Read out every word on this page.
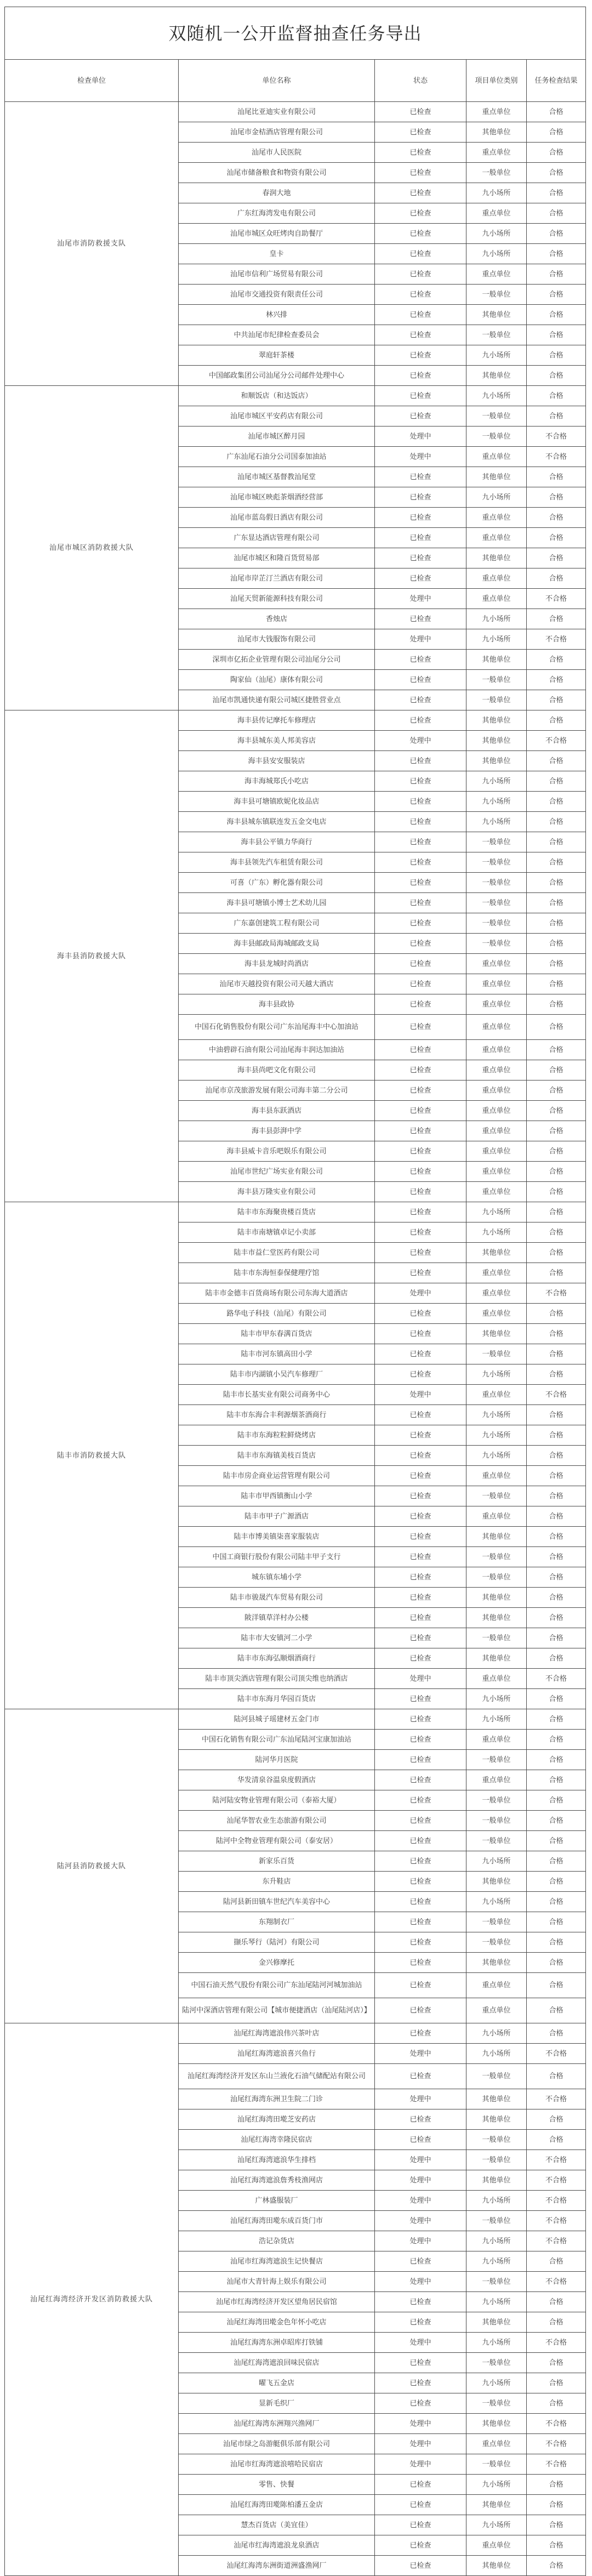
双随机一公开监督抽查任务导出				
检查单位	单位名称	状态	项目单位类别	任务检查结果
汕尾市消防救援支队	汕尾比亚迪实业有限公司	已检查	重点单位	合格
	汕尾市金桔酒店管理有限公司	已检查	其他单位	合格
	汕尾市人民医院	已检查	重点单位	合格
	汕尾市储备粮食和物资有限公司	已检查	一般单位	合格
	春润大地	已检查	九小场所	合格
	广东红海湾发电有限公司	已检查	重点单位	合格
	汕尾市城区众旺烤肉自助餐厅	已检查	九小场所	合格
	皇卡	已检查	九小场所	合格
	汕尾市信利广场贸易有限公司	已检查	重点单位	合格
	汕尾市交通投资有限责任公司	已检查	一般单位	合格
	林兴排	已检查	其他单位	合格
	中共汕尾市纪律检查委员会	已检查	一般单位	合格
	翠庭轩茶楼	已检查	九小场所	合格
	中国邮政集团公司汕尾分公司邮件处理中心	已检查	其他单位	合格
汕尾市城区消防救援大队	和顺饭店（和达饭店）	已检查	九小场所	合格
	汕尾市城区平安药店有限公司	已检查	一般单位	合格
	汕尾市城区醉月园	处理中	一般单位	不合格
	广东汕尾石油分公司国泰加油站	处理中	重点单位	不合格
	汕尾市城区基督教汕尾堂	已检查	其他单位	合格
	汕尾市城区映彪茶烟酒经营部	已检查	九小场所	合格
	汕尾市蓝岛假日酒店有限公司	已检查	重点单位	合格
	广东显达酒店管理有限公司	已检查	重点单位	合格
	汕尾市城区和隆百货贸易部	已检查	其他单位	合格
	汕尾市岸芷汀兰酒店有限公司	已检查	重点单位	合格
	汕尾天贸新能源科技有限公司	处理中	重点单位	不合格
	香烛店	已检查	九小场所	合格
	汕尾市大钱服饰有限公司	处理中	九小场所	不合格
	深圳市亿拓企业管理有限公司汕尾分公司	已检查	其他单位	合格
	陶家仙（汕尾）康体有限公司	已检查	一般单位	合格
	汕尾市凯通快递有限公司城区捷胜营业点	已检查	一般单位	合格
海丰县消防救援大队	海丰县传记摩托车修理店	已检查	其他单位	合格
	海丰县城东美人邦美容店	处理中	其他单位	不合格
	海丰县安安服装店	已检查	其他单位	合格
	海丰海城郑氏小吃店	已检查	九小场所	合格
	海丰县可塘镇欧妮化妆品店	已检查	九小场所	合格
	海丰县城东镇联连发五金交电店	已检查	九小场所	合格
	海丰县公平镇力华商行	已检查	一般单位	合格
	海丰县领先汽车租赁有限公司	已检查	一般单位	合格
	可喜（广东）孵化器有限公司	已检查	一般单位	合格
	海丰县可塘镇小博士艺术幼儿园	已检查	一般单位	合格
	广东嘉创建筑工程有限公司	已检查	一般单位	合格
	海丰县邮政局海城邮政支局	已检查	一般单位	合格
	海丰县龙城时尚酒店	已检查	重点单位	合格
	汕尾市天越投资有限公司天越大酒店	已检查	重点单位	合格
	海丰县政协	已检查	重点单位	合格
	中国石化销售股份有限公司广东汕尾海丰中心加油站	已检查	重点单位	合格
	中油碧辟石油有限公司汕尾海丰润达加油站	已检查	重点单位	合格
	海丰县尚吧文化有限公司	已检查	重点单位	合格
	汕尾市京茂旅游发展有限公司海丰第二分公司	已检查	重点单位	合格
	海丰县东跃酒店	已检查	重点单位	合格
	海丰县彭湃中学	已检查	重点单位	合格
	海丰县威卡音乐吧娱乐有限公司	已检查	重点单位	合格
	汕尾市世纪广场实业有限公司	已检查	重点单位	合格
	海丰县万隆实业有限公司	已检查	重点单位	合格
陆丰市消防救援大队	陆丰市东海聚贵楼百货店	已检查	九小场所	合格
	陆丰市南塘镇卓记小卖部	已检查	九小场所	合格
	陆丰市益仁堂医药有限公司	已检查	其他单位	合格
	陆丰市东海恒泰保健理疗馆	已检查	重点单位	合格
	陆丰市金德丰百货商场有限公司东海大道酒店	处理中	重点单位	不合格
	路华电子科技（汕尾）有限公司	已检查	重点单位	合格
	陆丰市甲东春满百货店	已检查	其他单位	合格
	陆丰市河东镇高田小学	已检查	一般单位	合格
	陆丰市内湖镇小吴汽车修理厂	已检查	九小场所	合格
	陆丰市长基实业有限公司商务中心	处理中	重点单位	不合格
	陆丰市东海合丰利源烟茶酒商行	已检查	九小场所	合格
	陆丰市东海粒粒鲜烧烤店	已检查	九小场所	合格
	陆丰市东海镇美枝百货店	已检查	九小场所	合格
	陆丰市房企商业运营管理有限公司	已检查	重点单位	合格
	陆丰市甲西镇衡山小学	已检查	一般单位	合格
	陆丰市甲子广源酒店	已检查	重点单位	合格
	陆丰市博美镇柒喜家服装店	已检查	其他单位	合格
	中国工商银行股份有限公司陆丰甲子支行	已检查	一般单位	合格
	城东镇东埔小学	已检查	一般单位	合格
	陆丰市骏晟汽车贸易有限公司	已检查	其他单位	合格
	陂洋镇草洋村办公楼	已检查	其他单位	合格
	陆丰市大安镇河二小学	已检查	一般单位	合格
	陆丰市东海弘顺烟酒商行	已检查	其他单位	合格
	陆丰市顶尖酒店管理有限公司顶尖维也纳酒店	处理中	重点单位	不合格
	陆丰市东海月华园百货店	已检查	九小场所	合格
陆河县消防救援大队	陆河县城子瑶建材五金门市	已检查	九小场所	合格
	中国石化销售有限公司广东汕尾陆河宝康加油站	已检查	重点单位	合格
	陆河华月医院	已检查	一般单位	合格
	华发清泉谷温泉度假酒店	已检查	重点单位	合格
	陆河陆安物业管理有限公司（泰裕大厦）	已检查	一般单位	合格
	汕尾华智农业生态旅游有限公司	已检查	一般单位	合格
	陆河中全物业管理有限公司（泰安居）	已检查	一般单位	合格
	新家乐百货	已检查	九小场所	合格
	东升鞋店	已检查	其他单位	合格
	陆河县新田镇车世纪汽车美容中心	已检查	九小场所	合格
	东翔制衣厂	已检查	一般单位	合格
	撷乐琴行（陆河）有限公司	已检查	一般单位	合格
	金兴修摩托	已检查	其他单位	合格
	中国石油天然气股份有限公司广东汕尾陆河河城加油站	已检查	重点单位	合格
	陆河中深酒店管理有限公司【城市便捷酒店（汕尾陆河店）】	已检查	重点单位	合格
汕尾红海湾经济开发区消防救援大队	汕尾红海湾遮浪伟兴茶叶店	已检查	九小场所	合格
	汕尾红海湾遮浪喜兴鱼行	处理中	九小场所	不合格
	汕尾红海湾经济开发区东山兰液化石油气储配站有限公司	已检查	一般单位	合格
	汕尾红海湾东洲卫生院二门诊	处理中	其他单位	不合格
	汕尾红海湾田墘芝安药店	已检查	其他单位	合格
	汕尾红海湾幸隆民宿店	已检查	一般单位	合格
	汕尾红海湾遮浪华生排档	处理中	一般单位	不合格
	汕尾红海湾遮浪詹秀枝渔网店	处理中	其他单位	不合格
	广林盛服装厂	处理中	九小场所	不合格
	汕尾红海湾田墘东成百货门市	处理中	一般单位	不合格
	浩记杂货店	处理中	九小场所	不合格
	汕尾市红海湾遮浪生记快餐店	已检查	九小场所	合格
	汕尾市大青针海上娱乐有限公司	处理中	一般单位	不合格
	汕尾市红海湾经济开发区望角居民宿馆	已检查	九小场所	合格
	汕尾红海湾田墘金色年怀小吃店	已检查	其他单位	合格
	汕尾红海湾东洲卓昭库打铁铺	处理中	九小场所	不合格
	汕尾红海湾遮浪回味民宿店	已检查	一般单位	合格
	曜飞五金店	已检查	九小场所	合格
	显新毛织厂	已检查	一般单位	合格
	汕尾红海湾东洲翔兴渔网厂	处理中	其他单位	不合格
	汕尾市绿之岛游艇俱乐部有限公司	处理中	重点单位	不合格
	汕尾市红海湾遮浪嘻哈民宿店	处理中	一般单位	不合格
	零售、快餐	已检查	九小场所	合格
	汕尾红海湾田墘陈柏潘五金店	已检查	其他单位	合格
	慧杰百货店（美宜佳）	已检查	九小场所	合格
	汕尾市红海湾遮浪龙泉酒店	已检查	重点单位	合格
	汕尾红海湾东洲街道洲盛渔网厂	已检查	其他单位	合格
